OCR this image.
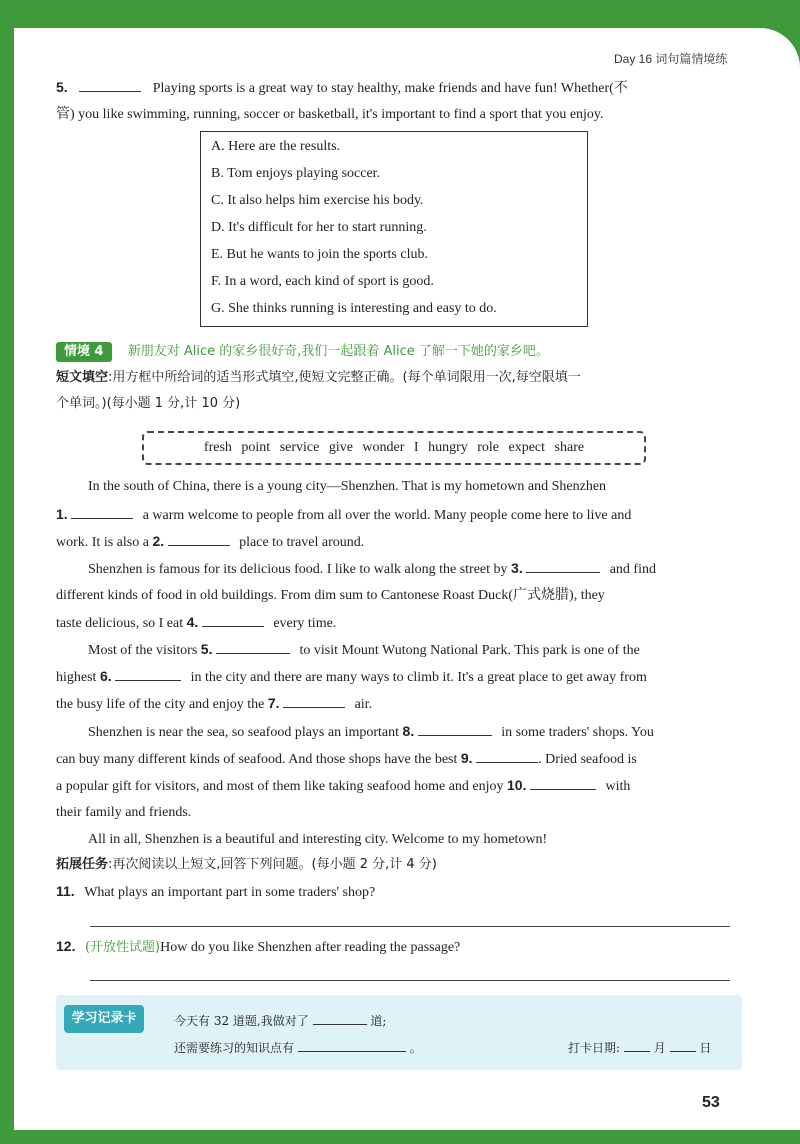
Day 16 词句篇情境练
5.	Playing sports is a great way to stay healthy, make friends and have fun! Whether(不
管) you like swimming, running, soccer or basketball, it's important to find a sport that you enjoy.
A. Here are the results.
B. Tom enjoys playing soccer.
C. It also helps him exercise his body.
D. It's difficult for her to start running.
E. But he wants to join the sports club.
F. In a word, each kind of sport is good.
G. She thinks running is interesting and easy to do.
情境 4 新朋友对 Alice 的家乡很好奇,我们一起跟着 Alice 了解一下她的家乡吧。
短文填空:用方框中所给词的适当形式填空,使短文完整正确。(每个单词限用一次,每空限填一
个单词。)(每小题 1 分,计 10 分)
fresh point service give wonder I hungry role expect share
In the south of China, there is a young city—Shenzhen. That is my hometown and Shenzhen
1.	a warm welcome to people from all over the world. Many people come here to live and
work. It is also a 2.	place to travel around.
Shenzhen is famous for its delicious food. I like to walk along the street by 3.	and find
different kinds of food in old buildings. From dim sum to Cantonese Roast Duck(广式烧腊), they
taste delicious, so I eat 4.	every time.
Most of the visitors 5.	to visit Mount Wutong National Park. This park is one of the
highest 6.	in the city and there are many ways to climb it. It's a great place to get away from
the busy life of the city and enjoy the 7.	air.
Shenzhen is near the sea, so seafood plays an important 8.	in some traders' shops. You
can buy many different kinds of seafood. And those shops have the best 9.	. Dried seafood is
a popular gift for visitors, and most of them like taking seafood home and enjoy 10.	with
their family and friends.
All in all, Shenzhen is a beautiful and interesting city. Welcome to my hometown!
拓展任务:再次阅读以上短文,回答下列问题。(每小题 2 分,计 4 分)
11. What plays an important part in some traders' shop?
12. (开放性试题)How do you like Shenzhen after reading the passage?
学习记录卡	今天有 32 道题,我做对了	道;
还需要练习的知识点有	。	打卡日期:	月	日
53
